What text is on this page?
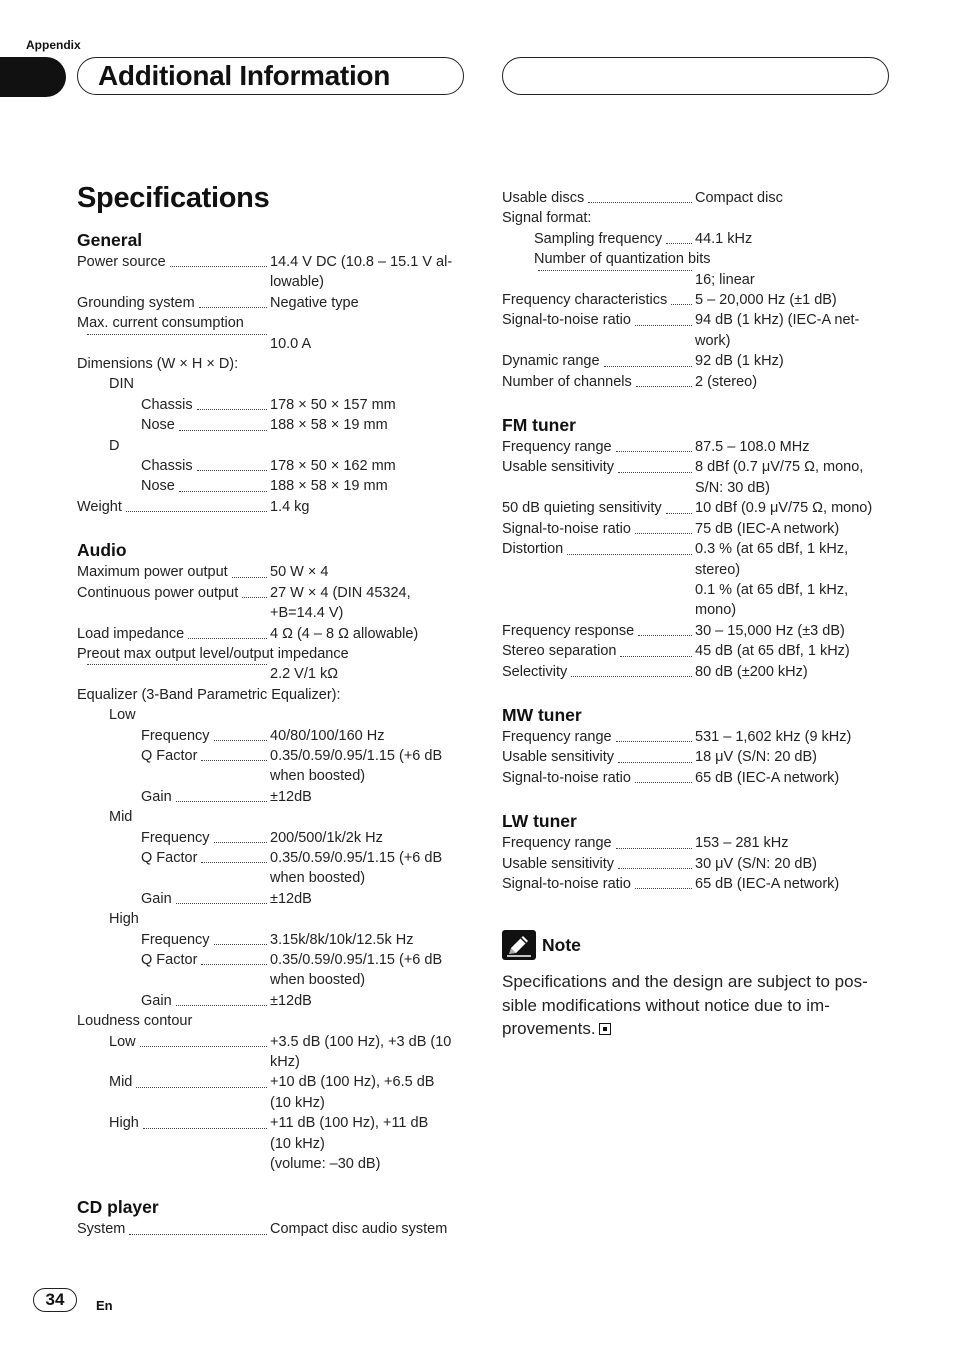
Appendix
Additional Information
Specifications
General
Power source	14.4 V DC (10.8 – 15.1 V al-
lowable)
Grounding system	Negative type
Max. current consumption
10.0 A
Dimensions (W × H × D):
DIN
Chassis	178 × 50 × 157 mm
Nose	188 × 58 × 19 mm
D
Chassis	178 × 50 × 162 mm
Nose	188 × 58 × 19 mm
Weight	1.4 kg
Audio
Maximum power output	50 W × 4
Continuous power output 27 W × 4 (DIN 45324,
+B=14.4 V)
Load impedance	4 Ω (4 – 8 Ω allowable)
Preout max output level/output impedance
2.2 V/1 kΩ
Equalizer (3-Band Parametric Equalizer):
Low
Frequency	40/80/100/160 Hz
Q Factor	0.35/0.59/0.95/1.15 (+6 dB
when boosted)
Gain	±12dB
Mid
Frequency	200/500/1k/2k Hz
Q Factor	0.35/0.59/0.95/1.15 (+6 dB
when boosted)
Gain	±12dB
High
Frequency	3.15k/8k/10k/12.5k Hz
Q Factor	0.35/0.59/0.95/1.15 (+6 dB
when boosted)
Gain	±12dB
Loudness contour
Low	+3.5 dB (100 Hz), +3 dB (10
kHz)
Mid	+10 dB (100 Hz), +6.5 dB
(10 kHz)
High	+11 dB (100 Hz), +11 dB
(10 kHz)
(volume: –30 dB)
CD player
System	Compact disc audio system
Usable discs	Compact disc
Signal format:
Sampling frequency 44.1 kHz
Number of quantization bits
16; linear
Frequency characteristics 5 – 20,000 Hz (±1 dB)
Signal-to-noise ratio	94 dB (1 kHz) (IEC-A net-
work)
Dynamic range	92 dB (1 kHz)
Number of channels	2 (stereo)
FM tuner
Frequency range	87.5 – 108.0 MHz
Usable sensitivity	8 dBf (0.7 μV/75 Ω, mono,
S/N: 30 dB)
50 dB quieting sensitivity 10 dBf (0.9 μV/75 Ω, mono)
Signal-to-noise ratio	75 dB (IEC-A network)
Distortion	0.3 % (at 65 dBf, 1 kHz,
stereo)
0.1 % (at 65 dBf, 1 kHz,
mono)
Frequency response	30 – 15,000 Hz (±3 dB)
Stereo separation	45 dB (at 65 dBf, 1 kHz)
Selectivity	80 dB (±200 kHz)
MW tuner
Frequency range	531 – 1,602 kHz (9 kHz)
Usable sensitivity	18 μV (S/N: 20 dB)
Signal-to-noise ratio	65 dB (IEC-A network)
LW tuner
Frequency range	153 – 281 kHz
Usable sensitivity	30 μV (S/N: 20 dB)
Signal-to-noise ratio	65 dB (IEC-A network)
Note
Specifications and the design are subject to pos- sible modifications without notice due to im- provements.
34	En
